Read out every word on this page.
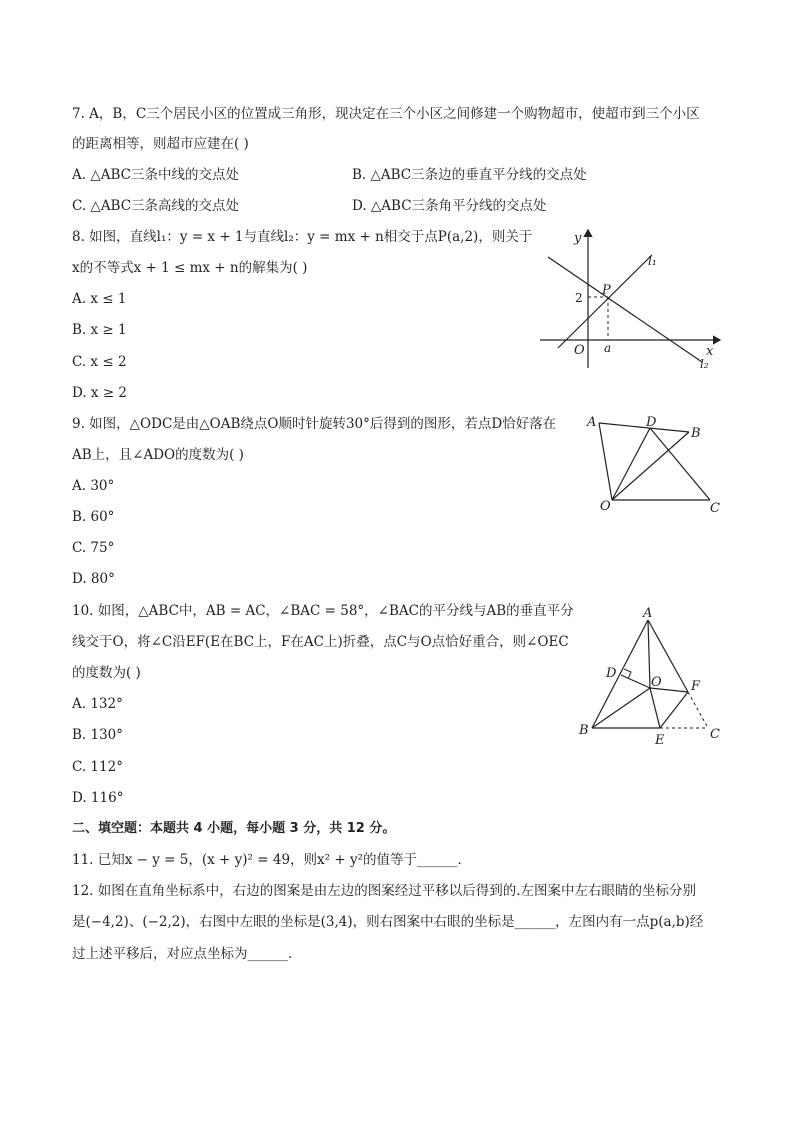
7. A，B，C三个居民小区的位置成三角形，现决定在三个小区之间修建一个购物超市，使超市到三个小区
的距离相等，则超市应建在( )
A. △ABC三条中线的交点处	B. △ABC三条边的垂直平分线的交点处
C. △ABC三条高线的交点处	D. △ABC三条角平分线的交点处
8. 如图，直线l₁：y = x + 1与直线l₂：y = mx + n相交于点P(a,2)，则关于
x的不等式x + 1 ≤ mx + n的解集为( )
A. x ≤ 1
B. x ≥ 1
C. x ≤ 2
D. x ≥ 2
y
x
l₁
l₂
P
2
O a
A	D
B
O	C
A
D
O F
B
E	C
9. 如图，△ODC是由△OAB绕点O顺时针旋转30°后得到的图形，若点D恰好落在
AB上，且∠ADO的度数为( )
A. 30°
B. 60°
C. 75°
D. 80°
10. 如图，△ABC中，AB = AC，∠BAC = 58°，∠BAC的平分线与AB的垂直平分
线交于O，将∠C沿EF(E在BC上，F在AC上)折叠，点C与O点恰好重合，则∠OEC
的度数为( )
A. 132°
B. 130°
C. 112°
D. 116°
二、填空题：本题共 4 小题，每小题 3 分，共 12 分。
11. 已知x − y = 5，(x + y)² = 49，则x² + y²的值等于______．
12. 如图在直角坐标系中，右边的图案是由左边的图案经过平移以后得到的.左图案中左右眼睛的坐标分别
是(−4,2)、(−2,2)，右图中左眼的坐标是(3,4)，则右图案中右眼的坐标是______，左图内有一点p(a,b)经
过上述平移后，对应点坐标为______．
